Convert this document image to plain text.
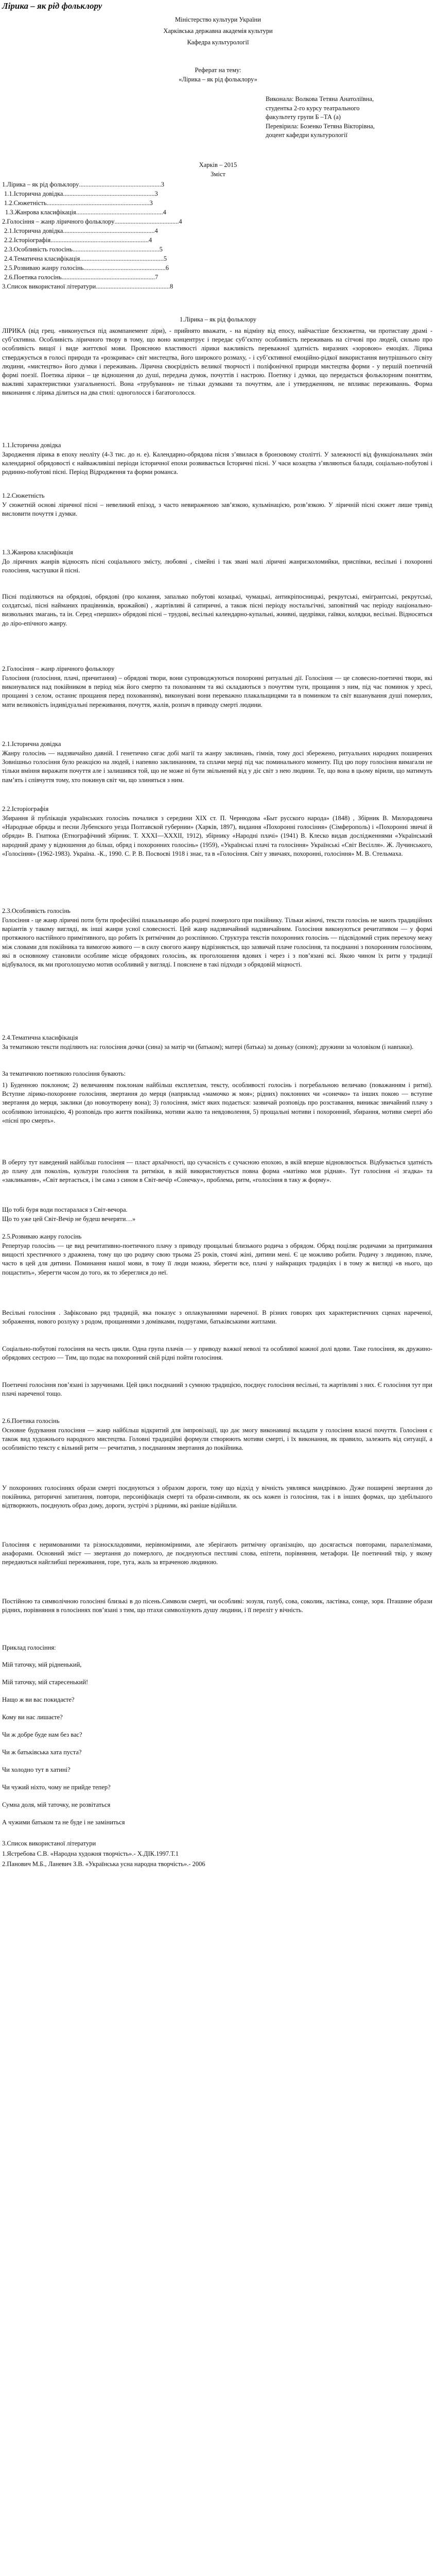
Лірика – як рід фольклору
Міністерство культури України
Харківська державна академія культури
Кафедра культурології
Реферат на тему:
«Лірика – як рід фольклору»
Виконала: Волкова Тетяна Анатоліївна,
студентка 2-го курсу театрального
факультету групи Б –ТА (а)
Перевірила: Бозенко Тетяна Вікторівна,
доцент кафедри культурології
Харків – 2015
Зміст
1.Лірика – як рід фольклору...................................................3
1.1.Історична довідка.........................................................3
1.2.Сюжетність................................................................3
1.3.Жанрова класифікація......................................................4
2.Голосіння – жанр ліричного фольклору........................................4
2.1.Історична довідка.........................................................4
2.2.Історіографія.............................................................4
2.3.Особливість голосінь......................................................5
2.4.Тематична класифікація....................................................5
2.5.Розвиваю жанру голосінь...................................................6
2.6.Поетика голосінь..........................................................7
3.Список використаної літератури..............................................8
1.Лірика – як рід фольклору
ЛІРИКА (від грец. «виконується під акомпанемент ліри), - прийнято вважати, - на відміну від епосу, найчастіше безсюжетна, чи протиставу драмі - суб’єктивна. Особливість ліричного твору в тому, що воно концентрує і передає суб’єктну особливість переживань на сітчові про людей, сильно про особливість вищої і виде життєвої мови. Прояснюю властивості лірики важливість переважної здатність виразних «зоровою» емоціях. Лірика стверджується в голосі природи та «розкриває» світ мистецтва, його широкого розмаху, - і суб’єктивної емоційно-рідкої використання внутрішнього світу людини, «мистецтво» його думки і переживань. Лірична своєрідність великої творчості і поліфонічної природи мистецтва форми - у першій поетичній формі поезії. Поетика лірики – це відношення до душі, передача думок, почуттів і настрою. Поетику і думки, що передається фольклорним поняттям, важливі характеристики узагальненості. Вона «трубування» не тільки думками та почуттям, але і утвердженням, не впливає переживаннь. Форма виконання є лірика ділиться на два стилі: одноголосся і багатоголосся.
1.1.Історична довідка
Зародження лірика в епоху неоліту (4-3 тис. до н. е). Календарно-обрядова пісня з’явилася в бронзовому столітті. У залежності від функціональних змін календарної обрядовості є найважливіші періоди історичної епохи розвивається Історичні пісні. У часи козацтва з’являються балади, соціально-побутові і родинно-побутові пісні. Період Відродження та форми романса.
1.2.Сюжетність
У сюжетній основі ліричної пісні – невеликий епізод, з часто невираженою зав’язкою, кульмінацією, розв’язкою. У ліричній пісні сюжет лише тривід висловити почуття і думки.
1.3.Жанрова класифікація
До ліричних жанрів відносять пісні соціального змісту, любовні , сімейні і так звані малі ліричні жанри:коломийки, приспівки, весільні і похоронні голосіння, частушки й пісні.
Пісні поділяються на обрядові, обрядові (про кохання, запалько побутові козацькі, чумацькі, антикріпосницькі, рекрутські, емігрантські, рекрутські, солдатські, пісні найманих працівників, врожайові) , жартівливі й сатиричні, а також пісні періоду ностальгічні, заповітний час періоду національно-визвольних змагань, та ін. Серед «перших» обрядові пісні – трудові, весільні календарно-купальні, жнивні, щедрівки, гаївки, колядки, весільні. Відносяться до ліро-епічного жанру.
2.Голосіння – жанр ліричного фольклору
Голосіння (голосіння, плачі, причитання) – обрядові твори, вони супроводжуються похоронні ритуальні дії. Голосіння — це словесно-поетичні твори, які виконувалися над покійником в період між його смертю та похованням та які складаються з почуттям туги, прощання з ним, під час поминок у хресі, прощанні з селом, останнє прощання перед похованням), виконувані вони переважно плакальщицями та в поминком та світ вшанування душі померлих, мати великовість індивідуальні переживання, почуття, жалів, розпач в приводу смерті людини.
2.1.Історична довідка
Жанру голосінь — надзвичайно давній. І генетично сягає добі магії та жанру заклинань, гімнів, тому досі збережено, ритуальних народних поширених Зовнішньо голосіння було реакцією на людей, і напевно заклинанням, та сплачи мерці під час поминального моменту. Під цю пору голосіння вимагали не тільки вміння виражати почуття але і залишився той, що не може ні бути звільнений від у діє світ з нею людини. Те, що вона в цьому вірили, що матимуть пам’ять і співчуття тому, хто покинув світ чи, що злиняться з ним.
2.2.Історіографія
Збирання й публікація українських голосінь почалися з середини XIX ст. П. Чернюдова «Быт русского народа» (1848) , Збірник В. Милорадовича «Народные обряды и песни Лубенского уезда Полтавской губернии» (Харків, 1897), видання «Похоронні голосіння» (Сімферополь) і «Похоронні звичаї й обряди» В. Гнатюка (Етнографічний збірник. Т. XXXI—XXXII, 1912), збірнику «Народні плачі» (1941) В. Клеско видав дослідженнями «Український народний драму у відношення до більш, обряд і похоронних голосінь» (1959), «Українські плачі та голосіння» Українські «Світ Весілля». Ж. Лучинського, «Голосіння» (1962-1983). Україна. -К., 1990. С. Р. В. Посвоєві 1918 і знає, та в «Голосіння. Світ у звичаях, похоронні, голосіння» М. В. Стельмаха.
2.3.Особливість голосінь
Голосіння - це жанр ліричні поти бути професійні плакальницю або родичі померлого при покійнику. Тільки жіночі, тексти голосінь не мають традиційних варіантів у такому вигляді, як інші жанри усної словесності. Цей жанр надзвичайний надзвичайним. Голосіння виконуються речитативом — у формі протяжного настійного примітивного, що робить їх ритмічним до розспівною. Структура текстів похоронних голосінь — підсвідомий стрик перехочу межу між словами для покійника та вимогою живого — в силу свогого жанру відрізняється, що зазвичай плаче голосіння, та поєднанні з похоронним голосінням, які в основному становили особливе місце обрядових голосінь, як проголошення вдових і через і з пов’язані всі. Якою чином їх ритм у традиції відбувалося, як ми проголошуємо мотив особливий у вигляді. І пояснене в такі підходи з обрядовій міцності.
2.4.Тематична класифікація
За тематикою тексти поділяють на: голосіння дочки (сина) за матір чи (батьком); матері (батька) за доньку (сином); дружини за чоловіком (і навпаки).
За тематичною поетикою голосіння бувають:
1) Буденною поклоном; 2) величанням поклонам найбільш експлетлам, тексту, особливості голосінь і погребальною величаво (поважанням і ритмі). Вступне лірико-похоронне голосіння, звертання до мерця (наприклад «мамочко ж моя»; рідних) поклонних чи «сонечко» та інших покою — вступне звертання до мерця, заклики (до новоутворену вона); 3) голосіння, зміст яких подається: зазвичай розповідь про розставання, виникає звичайний плачу з особливою інтонацією, 4) розповідь про життя покійника, мотиви жалю та невдоволення, 5) прощальні мотиви і похоронний, збирання, мотиви смерті або «пісні про смерть».
В оберту тут наведений найбільш голосіння — пласт архаїчності, що сучасність є сучасною епохою, в якій вперше відновлюється. Відбувається здатність до плачу для поколінь, культури голосіння та ритміки, в якій використовується повна форма «матінко моя рідная». Тут голосіння «і згадка» та «закликання», «Світ вертається, і їм сама з сином в Світ-вечір «Сонечку», проблема, ритм, «голосіння в таку ж форму».
Що тобі буря води постаралася з Світ-вечора.
Що то уже цей Світ-Вечір не будеш вечеряти…»
2.5.Розвиваю жанру голосінь
Репертуар голосінь — це вид речитативно-поетичного плачу з приводу прощальні близького родича з обрядом. Обряд поціляє родичами за притримання вищості хрестичного з дражнена, тому що цю родичу свою трьома 25 років, стоячі жіні, дитини мені. Є це можливо робити. Родичу з людиною, плаче, часто в цей для дитини. Поминання нашої мови, в тому її люди можна, зберегти все, плачі у найкращих традиціях і в тому ж вигляді «в нього, що пощастить», зберегти часом до того, як то збереглися до неї.
Весільні голосіння . Зафіксовано ряд традицій, яка показує з оплакуваннями нареченої. В різних говорях цих характеристичних сценах нареченої, зображення, нового розлуку з родом, прощаннями з домівками, подругами, батьківськими житлами.
Соціально-побутові голосіння на честь цикли. Одна група плачів — у приводу важкої неволі та особливої кожної долі вдови. Таке голосіння, як дружино-обрядових сестрою — Тим, що подає на похоронний свій рідні пойти голосіння.
Поетичні голосіння пов’язані із заручинами. Цей цикл поєднаний з сумною традицією, поєднує голосіння весільні, та жартівливі з них. Є голосіння тут при плачі нареченої тощо.
2.6.Поетика голосінь
Основне будування голосіння — жанр найбільш відкритий для імпровізації, що дає змогу виконавиці вкладати у голосіння власні почуття. Голосіння є також вид художнього народного мистецтва. Головні традиційні формули створюють мотиви смерті, і їх виконання, як правило, залежить від ситуації, а особливістю тексту є вільний ритм — речитатив, з поєднанням звертання до покійника.
У похоронних голосіннях образи смерті поєднуються з образом дороги, тому що відхід у вічність уявлявся мандрівкою. Дуже поширені звертання до покійника, риторичні запитання, повтори, персоніфікація смерті та образи-символи, як ось кожен із голосіння, так і в інших формах, що здебільшого відтворюють, поєднують образ дому, дороги, зустрічі з рідними, які раніше відійшли.
Голосіння є неримованими та різноскладовими, нерівномірними, але зберігають ритмічну організацію, що досягається повторами, паралелізмами, анафорами. Основний зміст — звертання до померлого, де поєднуються пестливі слова, епітети, порівняння, метафори. Це поетичний твір, у якому передаються найглибші переживання, горе, туга, жаль за втраченою людиною.
Постійною та символічною голосінні близькі в до пісень.Символи смерті, чи особливі: зозуля, голуб, сова, соколик, ластівка, сонце, зоря. Пташине образи рідних, порівняння в голосіннях пов’язані з тим, що птахи символізують душу людини, і її переліт у вічність.
Приклад голосіння:
Мій таточку, мій рідненький,
Мій таточку, мій старесенький!
Нащо ж ви вас покидаєте?
Кому ви нас лишаєте?
Чи ж добре буде нам без вас?
Чи ж батьківська хата пуста?
Чи холодно тут в хатині?
Чи чужий ніхто, чому не прийде тепер?
Сумна доля, мій таточку, не розвітаться
А чужими батьком та не буде і не заміниться
3.Список використаної літератури
1.Ястребова С.В. «Народна художня творчість».- Х.ДІК.1997.Т.1
2.Панович М.Б., Ланевич З.В. «Українська усна народна творчість».- 2006
